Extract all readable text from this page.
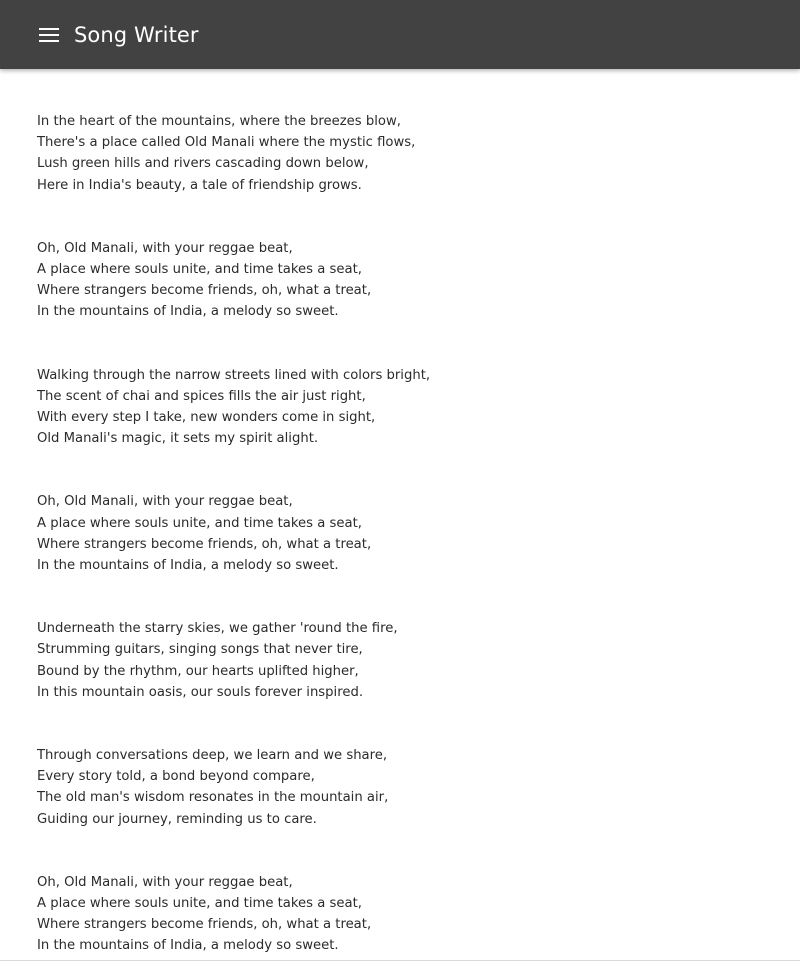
Song Writer
In the heart of the mountains, where the breezes blow,
There's a place called Old Manali where the mystic flows,
Lush green hills and rivers cascading down below,
Here in India's beauty, a tale of friendship grows.
Oh, Old Manali, with your reggae beat,
A place where souls unite, and time takes a seat,
Where strangers become friends, oh, what a treat,
In the mountains of India, a melody so sweet.
Walking through the narrow streets lined with colors bright,
The scent of chai and spices fills the air just right,
With every step I take, new wonders come in sight,
Old Manali's magic, it sets my spirit alight.
Oh, Old Manali, with your reggae beat,
A place where souls unite, and time takes a seat,
Where strangers become friends, oh, what a treat,
In the mountains of India, a melody so sweet.
Underneath the starry skies, we gather 'round the fire,
Strumming guitars, singing songs that never tire,
Bound by the rhythm, our hearts uplifted higher,
In this mountain oasis, our souls forever inspired.
Through conversations deep, we learn and we share,
Every story told, a bond beyond compare,
The old man's wisdom resonates in the mountain air,
Guiding our journey, reminding us to care.
Oh, Old Manali, with your reggae beat,
A place where souls unite, and time takes a seat,
Where strangers become friends, oh, what a treat,
In the mountains of India, a melody so sweet.
